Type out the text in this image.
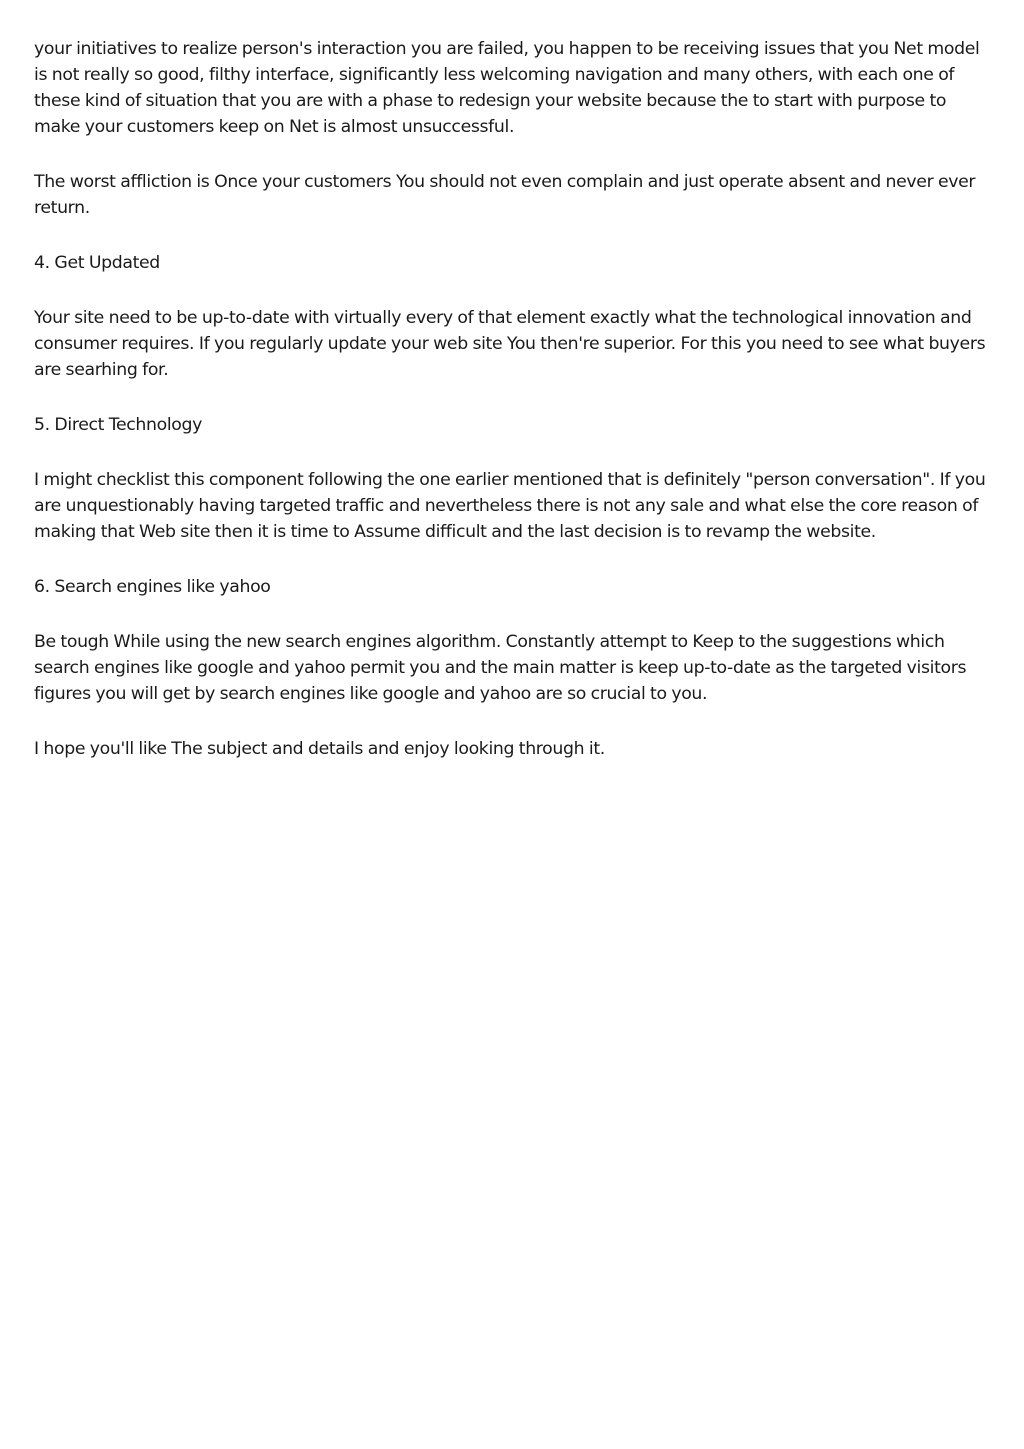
your initiatives to realize person's interaction you are failed, you happen to be receiving issues that you Net model is not really so good, filthy interface, significantly less welcoming navigation and many others, with each one of these kind of situation that you are with a phase to redesign your website because the to start with purpose to make your customers keep on Net is almost unsuccessful.

The worst affliction is Once your customers You should not even complain and just operate absent and never ever return.

4. Get Updated

Your site need to be up-to-date with virtually every of that element exactly what the technological innovation and consumer requires. If you regularly update your web site You then're superior. For this you need to see what buyers are searhing for.

5. Direct Technology

I might checklist this component following the one earlier mentioned that is definitely "person conversation". If you are unquestionably having targeted traffic and nevertheless there is not any sale and what else the core reason of making that Web site then it is time to Assume difficult and the last decision is to revamp the website.

6. Search engines like yahoo

Be tough While using the new search engines algorithm. Constantly attempt to Keep to the suggestions which search engines like google and yahoo permit you and the main matter is keep up-to-date as the targeted visitors figures you will get by search engines like google and yahoo are so crucial to you.

I hope you'll like The subject and details and enjoy looking through it.
